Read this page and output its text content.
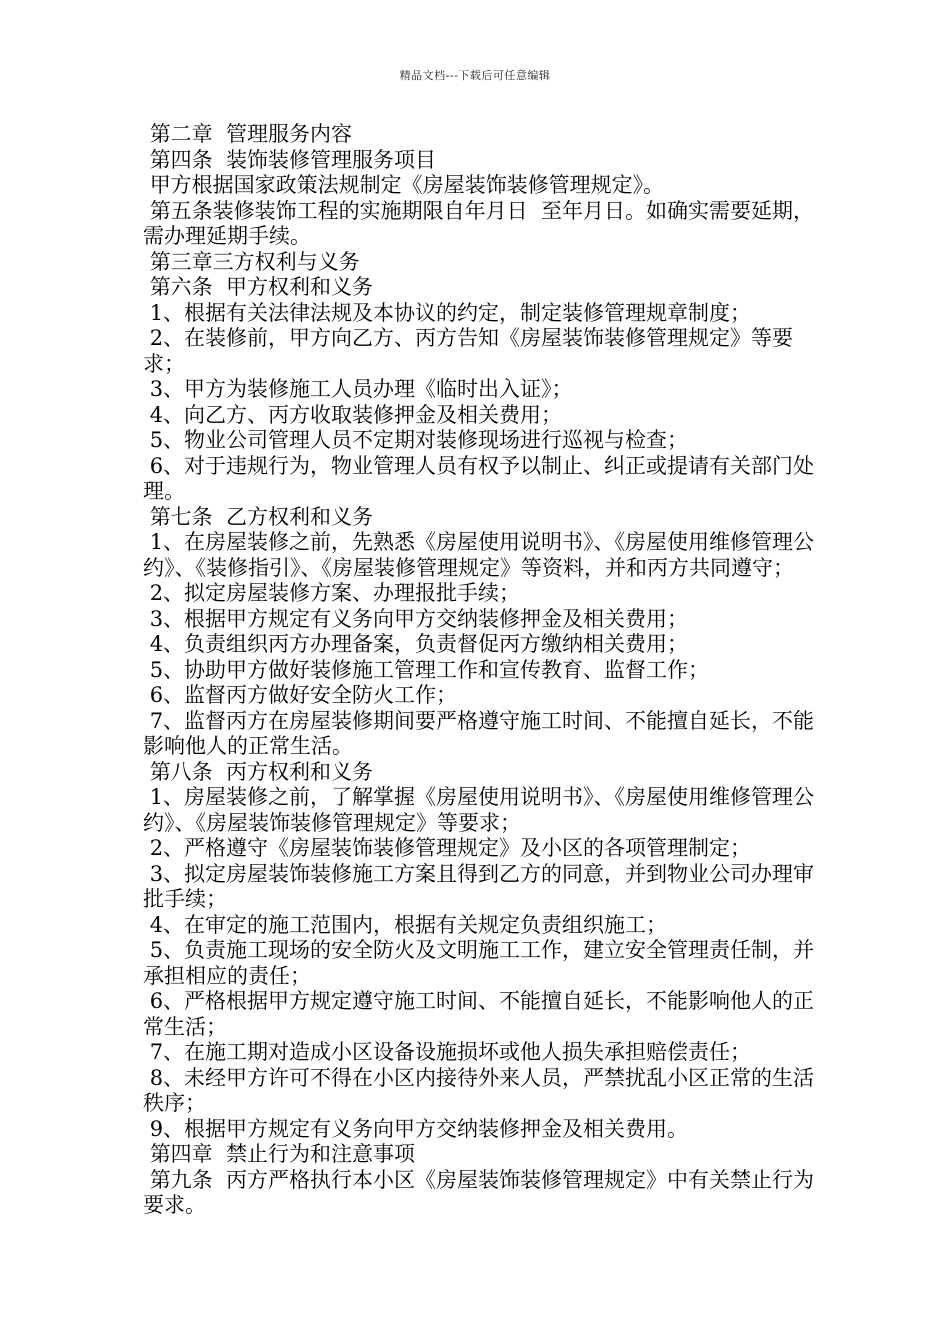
精品文档---下载后可任意编辑

第二章  管理服务内容

第四条  装饰装修管理服务项目

甲方根据国家政策法规制定《房屋装饰装修管理规定》。

第五条装修装饰工程的实施期限自年月日  至年月日。如确实需要延期，需办理延期手续。

第三章三方权利与义务

第六条  甲方权利和义务

1、根据有关法律法规及本协议的约定，制定装修管理规章制度；

2、在装修前，甲方向乙方、丙方告知《房屋装饰装修管理规定》等要求；

3、甲方为装修施工人员办理《临时出入证》；

4、向乙方、丙方收取装修押金及相关费用；

5、物业公司管理人员不定期对装修现场进行巡视与检查；

6、对于违规行为，物业管理人员有权予以制止、纠正或提请有关部门处理。

第七条  乙方权利和义务

1、在房屋装修之前，先熟悉《房屋使用说明书》、《房屋使用维修管理公约》、《装修指引》、《房屋装修管理规定》等资料，并和丙方共同遵守；

2、拟定房屋装修方案、办理报批手续；

3、根据甲方规定有义务向甲方交纳装修押金及相关费用；

4、负责组织丙方办理备案，负责督促丙方缴纳相关费用；

5、协助甲方做好装修施工管理工作和宣传教育、监督工作；

6、监督丙方做好安全防火工作；

7、监督丙方在房屋装修期间要严格遵守施工时间、不能擅自延长，不能影响他人的正常生活。

第八条  丙方权利和义务

1、房屋装修之前，了解掌握《房屋使用说明书》、《房屋使用维修管理公约》、《房屋装饰装修管理规定》等要求；

2、严格遵守《房屋装饰装修管理规定》及小区的各项管理制定；

3、拟定房屋装饰装修施工方案且得到乙方的同意，并到物业公司办理审批手续；

4、在审定的施工范围内，根据有关规定负责组织施工；

5、负责施工现场的安全防火及文明施工工作，建立安全管理责任制，并承担相应的责任；

6、严格根据甲方规定遵守施工时间、不能擅自延长，不能影响他人的正常生活；

7、在施工期对造成小区设备设施损坏或他人损失承担赔偿责任；

8、未经甲方许可不得在小区内接待外来人员，严禁扰乱小区正常的生活秩序；

9、根据甲方规定有义务向甲方交纳装修押金及相关费用。

第四章  禁止行为和注意事项

第九条  丙方严格执行本小区《房屋装饰装修管理规定》中有关禁止行为要求。
